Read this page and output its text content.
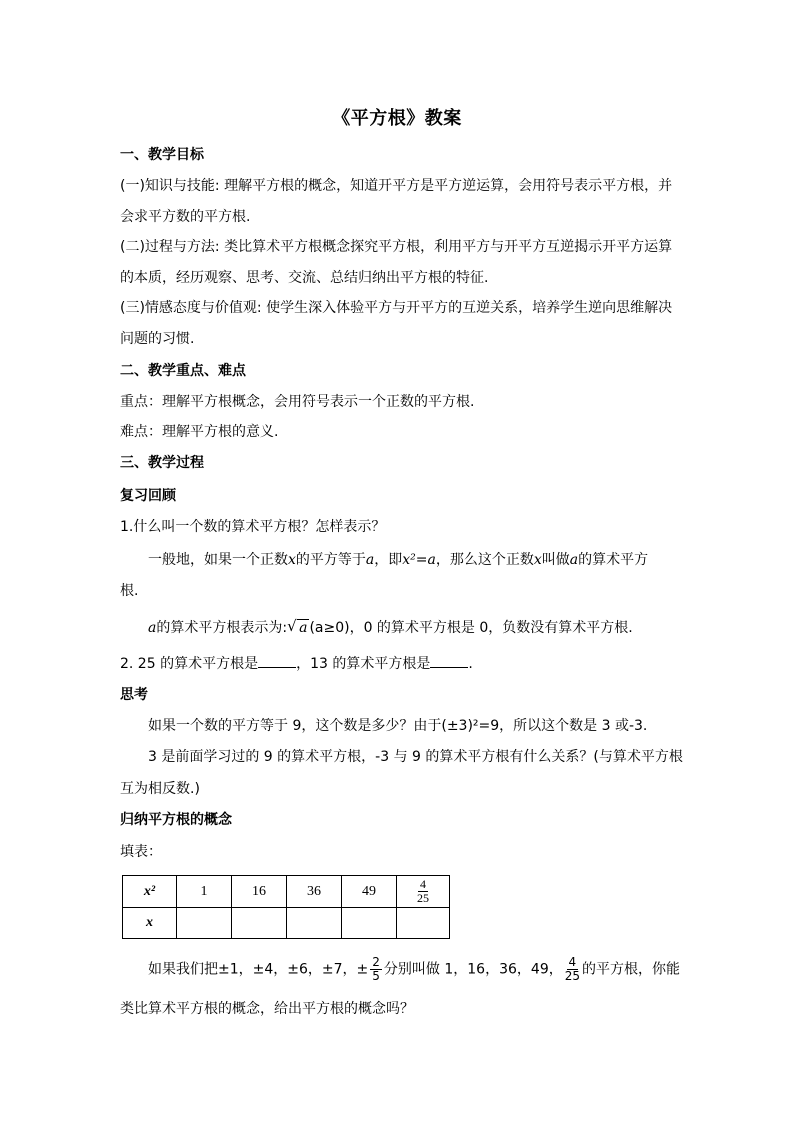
《平方根》教案
一、教学目标
(一)知识与技能: 理解平方根的概念，知道开平方是平方逆运算，会用符号表示平方根，并
会求平方数的平方根.
(二)过程与方法: 类比算术平方根概念探究平方根，利用平方与开平方互逆揭示开平方运算
的本质，经历观察、思考、交流、总结归纳出平方根的特征.
(三)情感态度与价值观: 使学生深入体验平方与开平方的互逆关系，培养学生逆向思维解决
问题的习惯.
二、教学重点、难点
重点：理解平方根概念，会用符号表示一个正数的平方根.
难点：理解平方根的意义.
三、教学过程
复习回顾
1.什么叫一个数的算术平方根？怎样表示？
一般地，如果一个正数x的平方等于a，即x²=a，那么这个正数x叫做a的算术平方
根.
a的算术平方根表示为: √ a (a≥0)，0 的算术平方根是 0，负数没有算术平方根.
2. 25 的算术平方根是	，13 的算术平方根是	.
思考
如果一个数的平方等于 9，这个数是多少？由于(±3)²=9，所以这个数是 3 或-3.
3 是前面学习过的 9 的算术平方根，-3 与 9 的算术平方根有什么关系？(与算术平方根
互为相反数.)
归纳平方根的概念
填表：
x²	1	16	36	49	$\frac{4}{25}$

x					
如果我们把±1，±4，±6，±7，± $\frac{2}{5}$ 分别叫做 1，16，36，49， $\frac{4}{25}$ 的平方根，你能
类比算术平方根的概念，给出平方根的概念吗？
